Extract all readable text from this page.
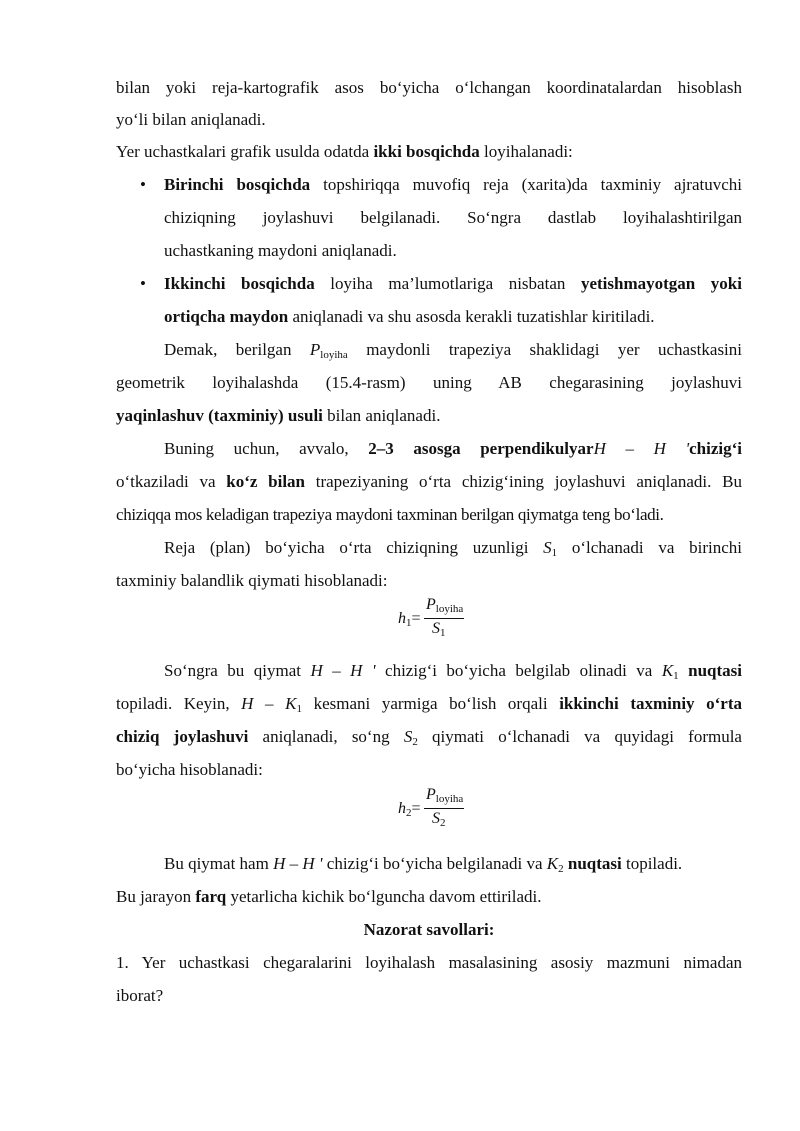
bilan yoki reja-kartografik asos bo‘yicha o‘lchangan koordinatalardan hisoblash
yo‘li bilan aniqlanadi.
Yer uchastkalari grafik usulda odatda ikki bosqichda loyihalanadi:
• Birinchi bosqichda topshiriqqa muvofiq reja (xarita)da taxminiy ajratuvchi
chiziqning joylashuvi belgilanadi. So‘ngra dastlab loyihalashtirilgan
uchastkaning maydoni aniqlanadi.
• Ikkinchi bosqichda loyiha ma’lumotlariga nisbatan yetishmayotgan yoki
ortiqcha maydon aniqlanadi va shu asosda kerakli tuzatishlar kiritiladi.
Demak, berilgan Ployiha maydonli trapeziya shaklidagi yer uchastkasini
geometrik loyihalashda (15.4-rasm) uning AB chegarasining joylashuvi
yaqinlashuv (taxminiy) usuli bilan aniqlanadi.
Buning uchun, avvalo, 2–3 asosga perpendikulyarH – H 'chizig‘i
o‘tkaziladi va ko‘z bilan trapeziyaning o‘rta chizig‘ining joylashuvi aniqlanadi. Bu
chiziqqa mos keladigan trapeziya maydoni taxminan berilgan qiymatga teng bo‘ladi.
Reja (plan) bo‘yicha o‘rta chiziqning uzunligi S1 o‘lchanadi va birinchi
taxminiy balandlik qiymati hisoblanadi:
h1=
Ployiha
S1
So‘ngra bu qiymat H – H ' chizig‘i bo‘yicha belgilab olinadi va K1 nuqtasi
topiladi. Keyin, H – K1 kesmani yarmiga bo‘lish orqali ikkinchi taxminiy o‘rta
chiziq joylashuvi aniqlanadi, so‘ng S2 qiymati o‘lchanadi va quyidagi formula
bo‘yicha hisoblanadi:
h2=
Ployiha
S2
Bu qiymat ham H – H ' chizig‘i bo‘yicha belgilanadi va K2 nuqtasi topiladi.
Bu jarayon farq yetarlicha kichik bo‘lguncha davom ettiriladi.
Nazorat savollari:
1. Yer uchastkasi chegaralarini loyihalash masalasining asosiy mazmuni nimadan
iborat?
